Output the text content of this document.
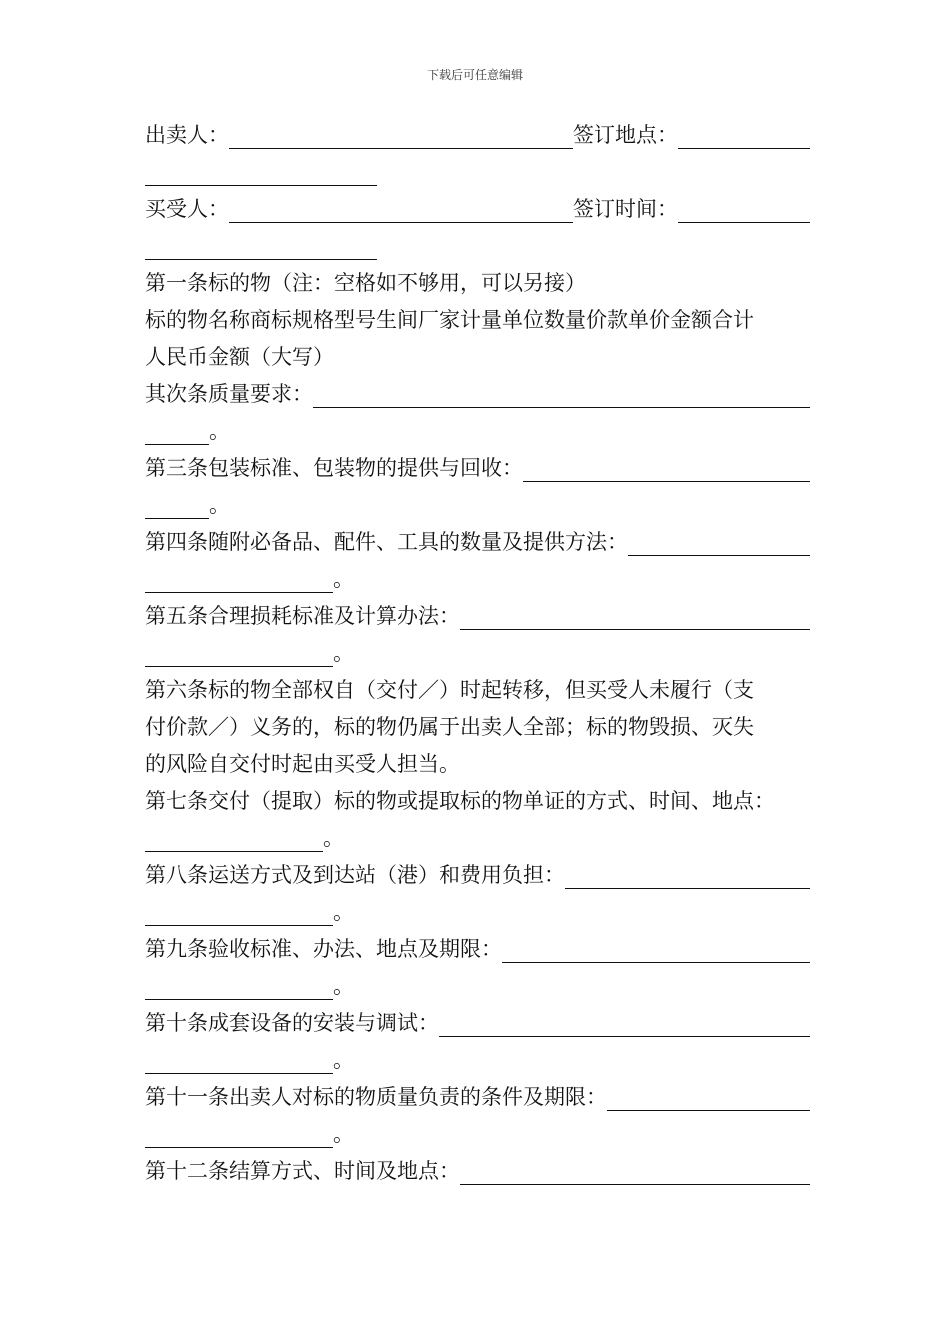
下载后可任意编辑
出卖人：	签订地点：
买受人：	签订时间：
第一条标的物（注：空格如不够用，可以另接）
标的物名称商标规格型号生间厂家计量单位数量价款单价金额合计
人民币金额（大写）
其次条质量要求：
。
第三条包装标准、包装物的提供与回收：
。
第四条随附必备品、配件、工具的数量及提供方法：
。
第五条合理损耗标准及计算办法：
。
第六条标的物全部权自（交付／）时起转移，但买受人未履行（支
付价款／）义务的，标的物仍属于出卖人全部；标的物毁损、灭失
的风险自交付时起由买受人担当。
第七条交付（提取）标的物或提取标的物单证的方式、时间、地点：
。
第八条运送方式及到达站（港）和费用负担：
。
第九条验收标准、办法、地点及期限：
。
第十条成套设备的安装与调试：
。
第十一条出卖人对标的物质量负责的条件及期限：
。
第十二条结算方式、时间及地点：
